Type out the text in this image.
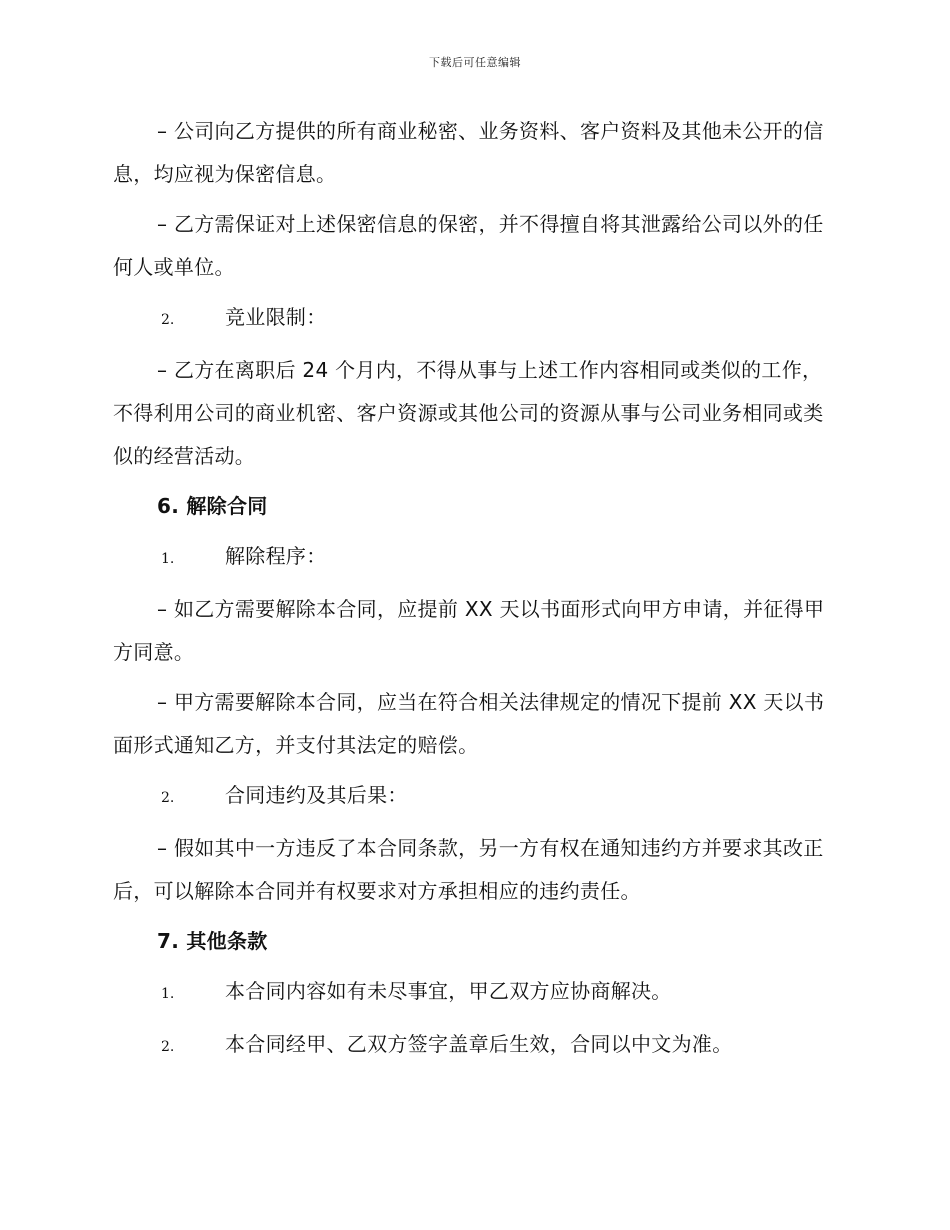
下载后可任意编辑

– 公司向乙方提供的所有商业秘密、业务资料、客户资料及其他未公开的信息，均应视为保密信息。

– 乙方需保证对上述保密信息的保密，并不得擅自将其泄露给公司以外的任何人或单位。

2.	竞业限制：

– 乙方在离职后 24 个月内，不得从事与上述工作内容相同或类似的工作，不得利用公司的商业机密、客户资源或其他公司的资源从事与公司业务相同或类似的经营活动。

6. 解除合同
1.	解除程序：

– 如乙方需要解除本合同，应提前 XX 天以书面形式向甲方申请，并征得甲方同意。

– 甲方需要解除本合同，应当在符合相关法律规定的情况下提前 XX 天以书面形式通知乙方，并支付其法定的赔偿。

2.	合同违约及其后果：

– 假如其中一方违反了本合同条款，另一方有权在通知违约方并要求其改正后，可以解除本合同并有权要求对方承担相应的违约责任。

7. 其他条款
1.	本合同内容如有未尽事宜，甲乙双方应协商解决。
2.	本合同经甲、乙双方签字盖章后生效，合同以中文为准。
